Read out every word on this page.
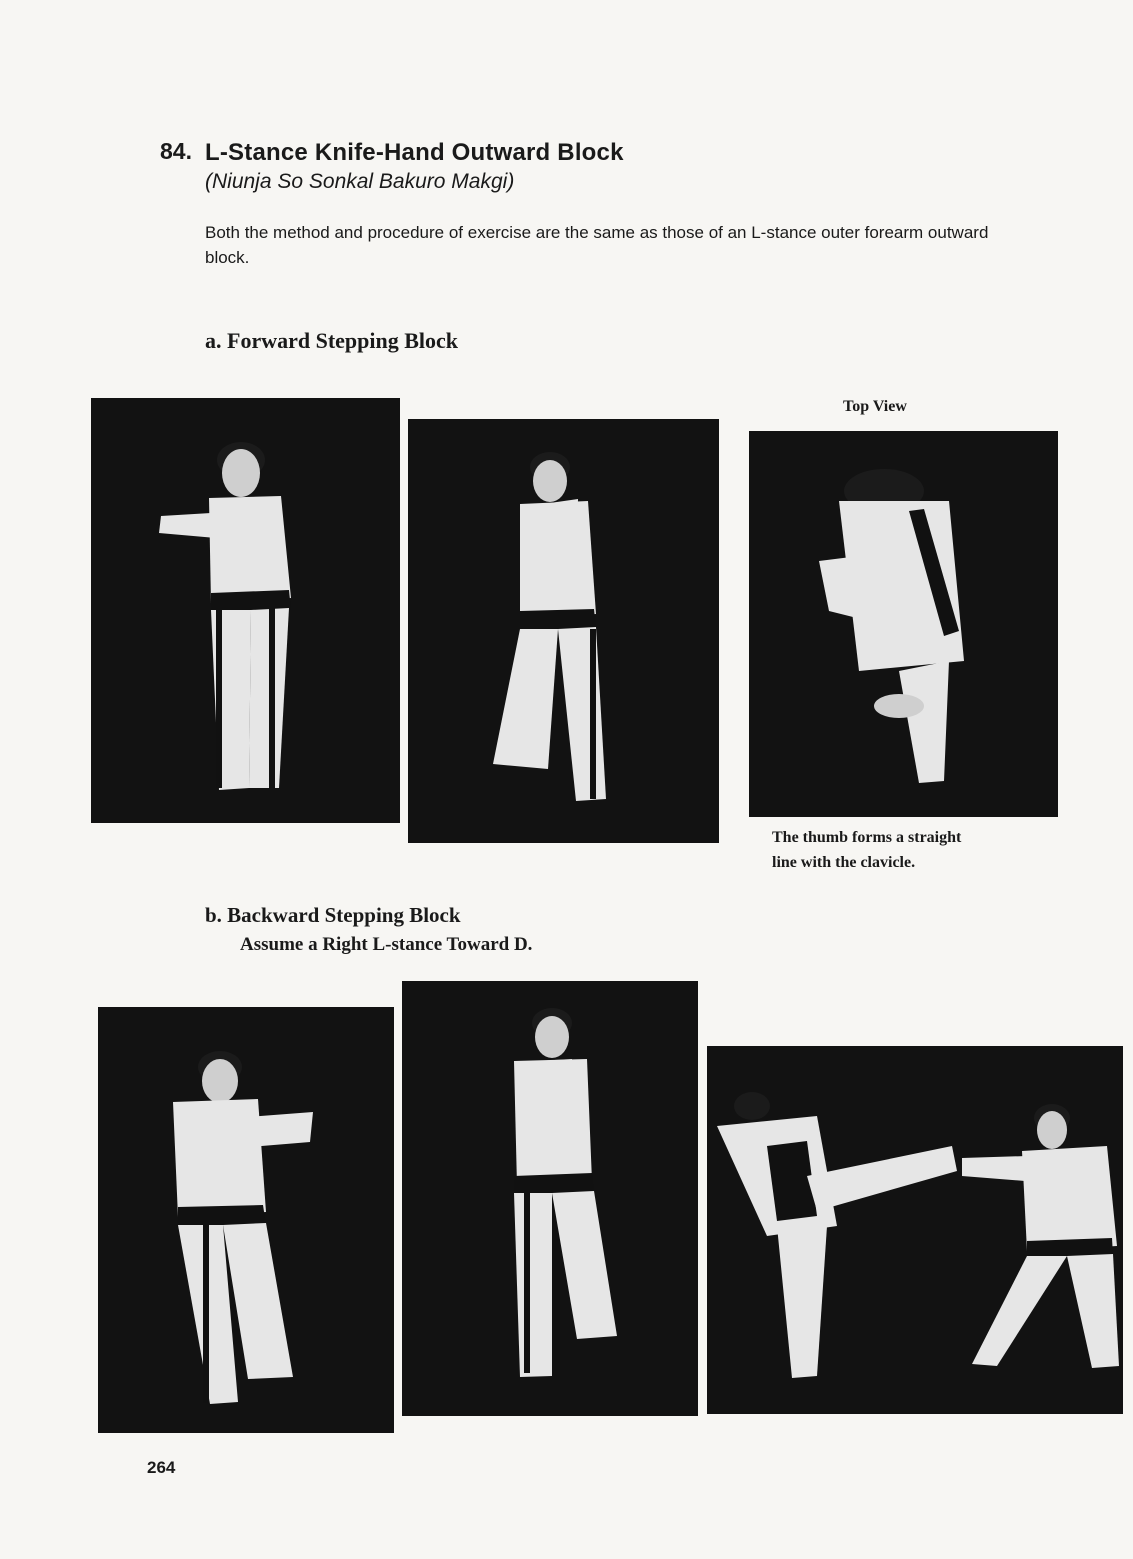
84. L-Stance Knife-Hand Outward Block
(Niunja So Sonkal Bakuro Makgi)
Both the method and procedure of exercise are the same as those of an L-stance outer forearm outward block.
a. Forward Stepping Block
Top View
The thumb forms a straight
line with the clavicle.
b. Backward Stepping Block
Assume a Right L-stance Toward D.
264
